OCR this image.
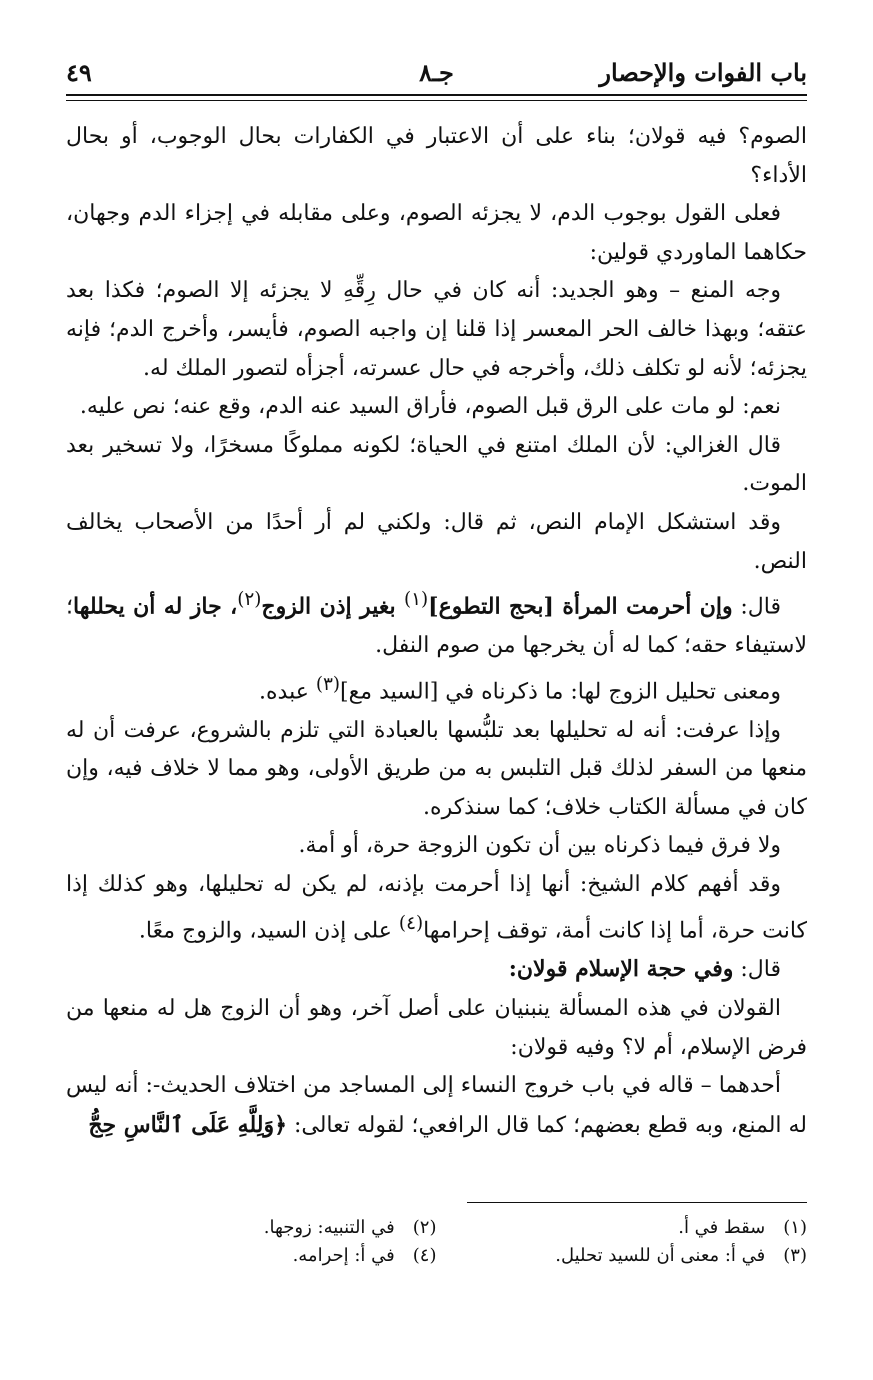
باب الفوات والإحصار
جـ٨
٤٩

الصوم؟ فيه قولان؛ بناء على أن الاعتبار في الكفارات بحال الوجوب، أو بحال الأداء؟

فعلى القول بوجوب الدم، لا يجزئه الصوم، وعلى مقابله في إجزاء الدم وجهان، حكاهما الماوردي قولين:

وجه المنع – وهو الجديد: أنه كان في حال رِقِّهِ لا يجزئه إلا الصوم؛ فكذا بعد عتقه؛ وبهذا خالف الحر المعسر إذا قلنا إن واجبه الصوم، فأيسر، وأخرج الدم؛ فإنه يجزئه؛ لأنه لو تكلف ذلك، وأخرجه في حال عسرته، أجزأه لتصور الملك له.

نعم: لو مات على الرق قبل الصوم، فأراق السيد عنه الدم، وقع عنه؛ نص عليه.

قال الغزالي: لأن الملك امتنع في الحياة؛ لكونه مملوكًا مسخرًا، ولا تسخير بعد الموت.

وقد استشكل الإمام النص، ثم قال: ولكني لم أر أحدًا من الأصحاب يخالف النص.

قال: وإن أحرمت المرأة [بحج التطوع]$^{(١)}$ بغير إذن الزوج$^{(٢)}$، جاز له أن يحللها؛ لاستيفاء حقه؛ كما له أن يخرجها من صوم النفل.

ومعنى تحليل الزوج لها: ما ذكرناه في [السيد مع]$^{(٣)}$ عبده.

وإذا عرفت: أنه له تحليلها بعد تلبُّسها بالعبادة التي تلزم بالشروع، عرفت أن له منعها من السفر لذلك قبل التلبس به من طريق الأولى، وهو مما لا خلاف فيه، وإن كان في مسألة الكتاب خلاف؛ كما سنذكره.

ولا فرق فيما ذكرناه بين أن تكون الزوجة حرة، أو أمة.

وقد أفهم كلام الشيخ: أنها إذا أحرمت بإذنه، لم يكن له تحليلها، وهو كذلك إذا كانت حرة، أما إذا كانت أمة، توقف إحرامها$^{(٤)}$ على إذن السيد، والزوج معًا.

قال: وفي حجة الإسلام قولان:

القولان في هذه المسألة ينبنيان على أصل آخر، وهو أن الزوج هل له منعها من فرض الإسلام، أم لا؟ وفيه قولان:

أحدهما – قاله في باب خروج النساء إلى المساجد من اختلاف الحديث-: أنه ليس له المنع، وبه قطع بعضهم؛ كما قال الرافعي؛ لقوله تعالى: ﴿وَلِلَّهِ عَلَى ٱلنَّاسِ حِجُّ

(١) سقط في أ.
(٢) في التنبيه: زوجها.
(٣) في أ: معنى أن للسيد تحليل.
(٤) في أ: إحرامه.
